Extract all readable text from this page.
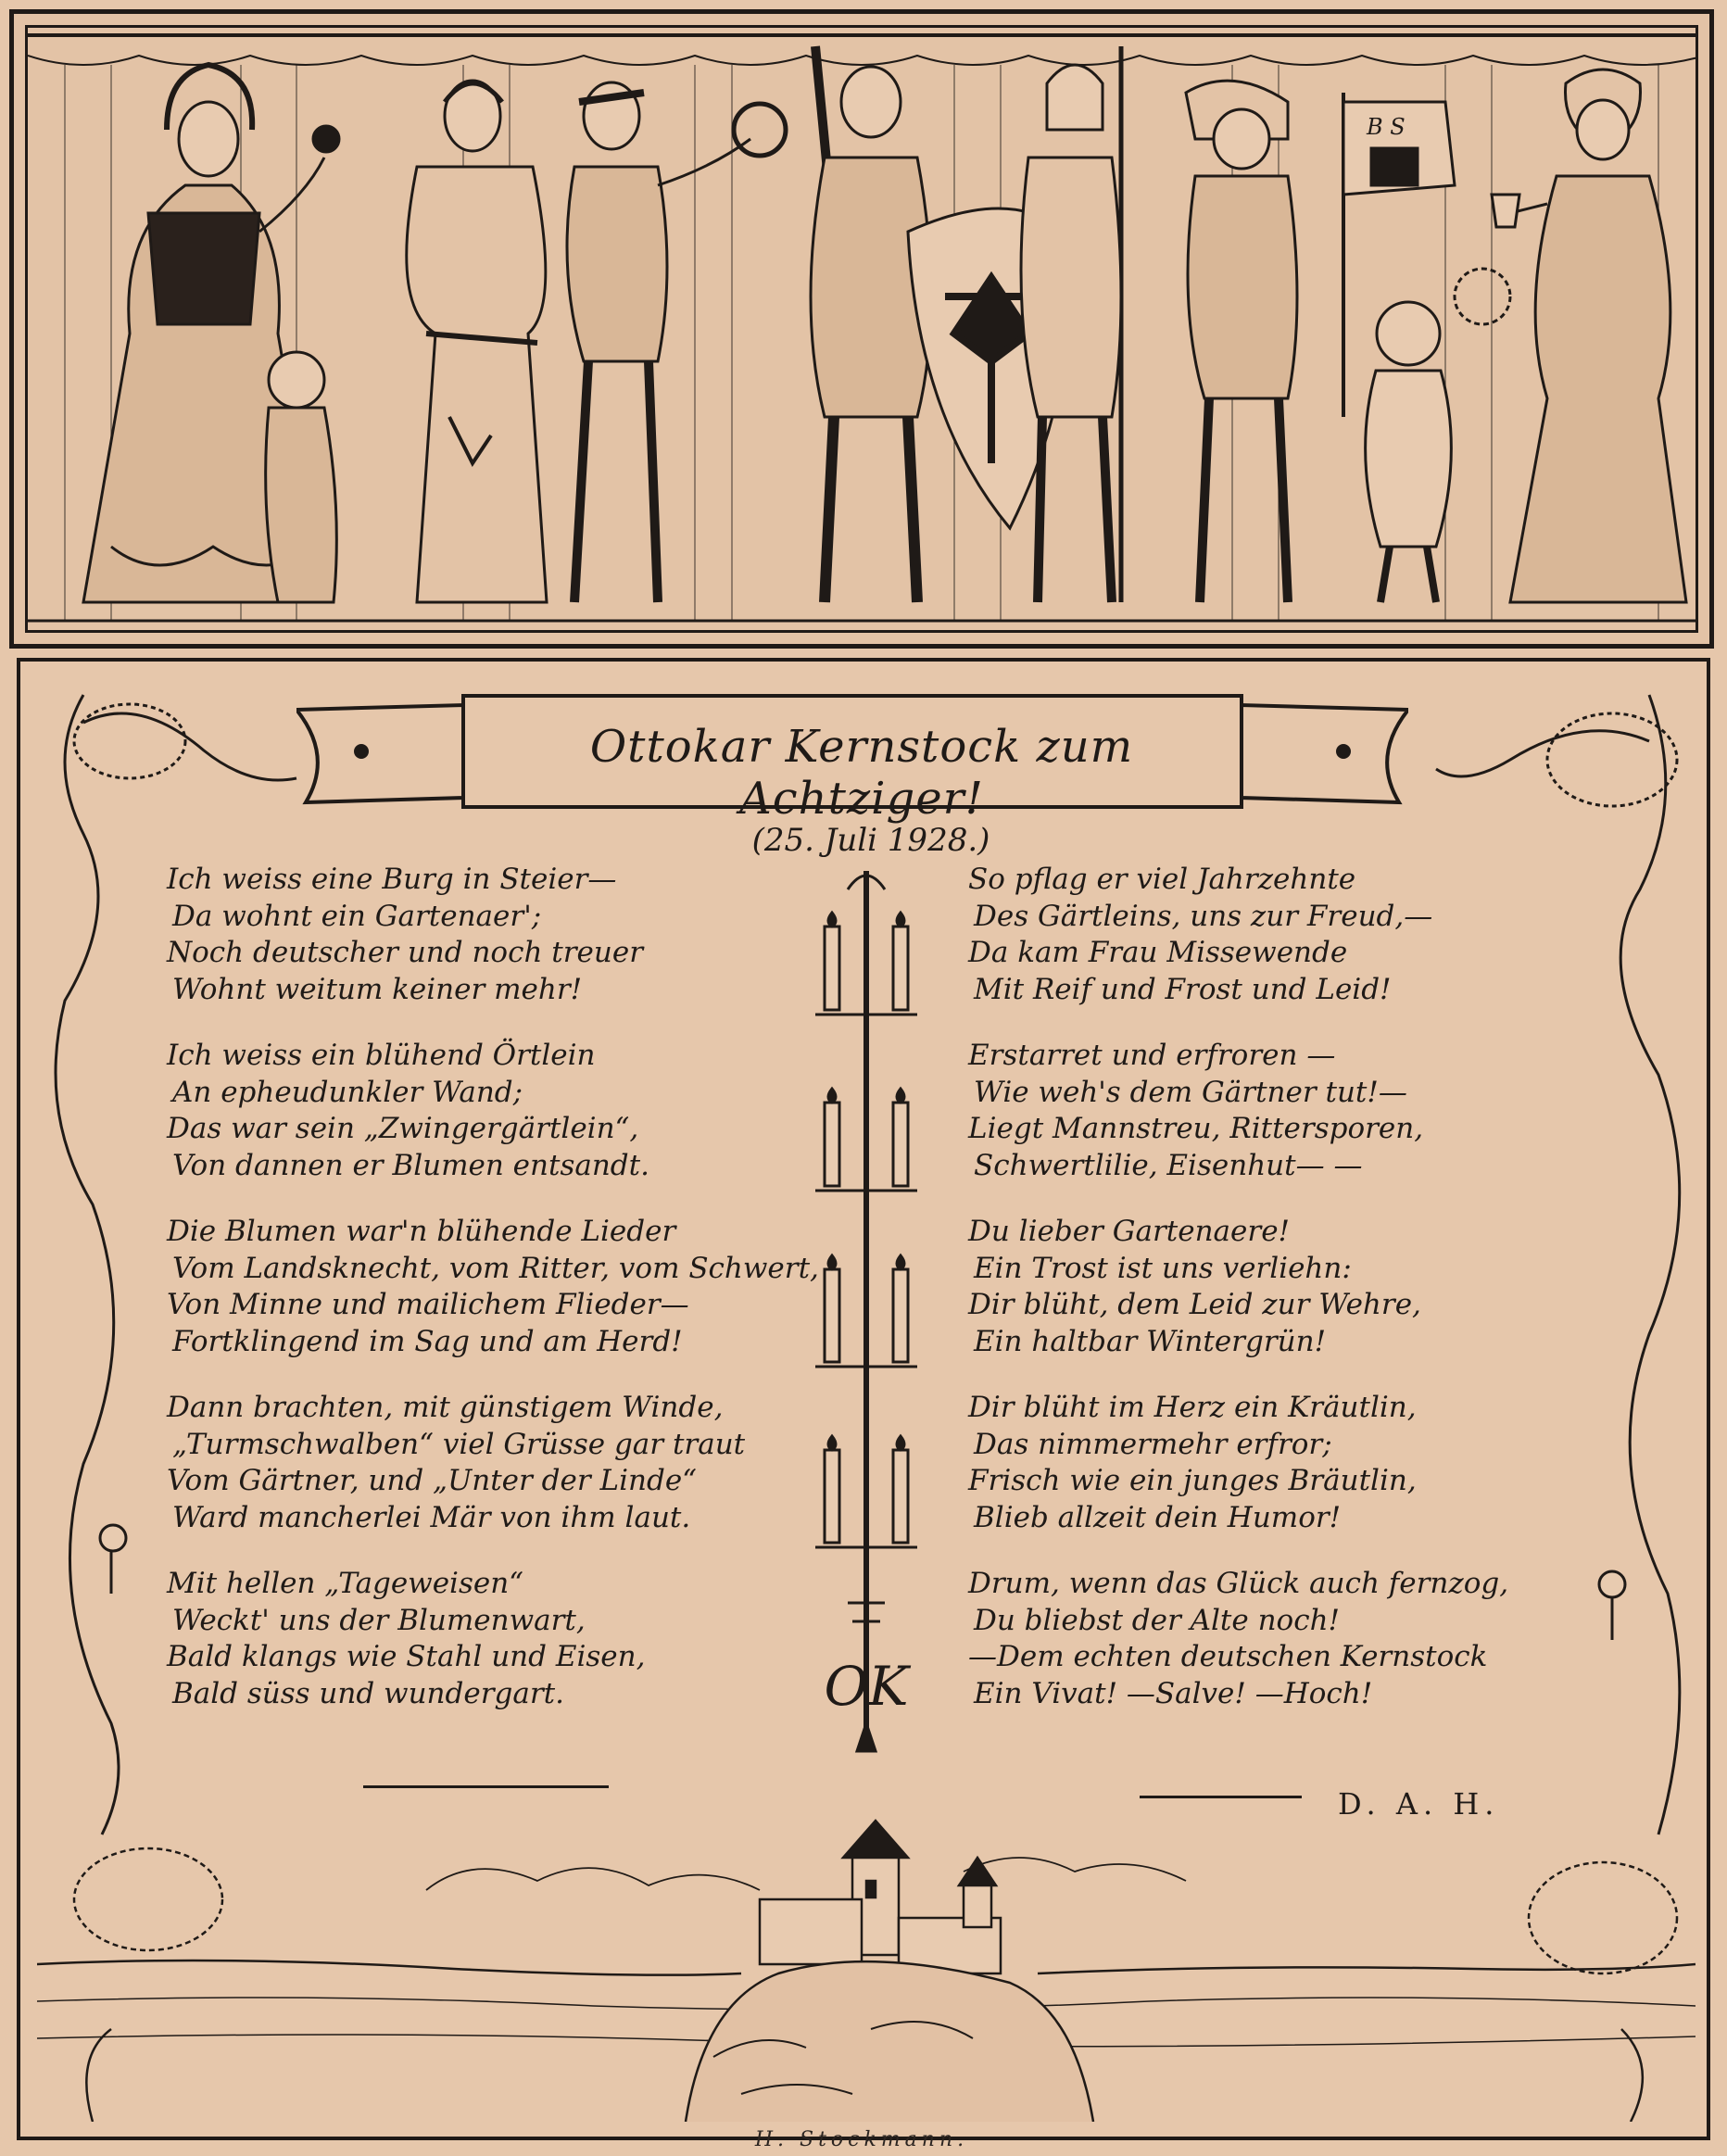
B S
Ottokar Kernstock zum Achtziger!
(25. Juli 1928.)
Ich weiss eine Burg in Steier—
Da wohnt ein Gartenaer';
Noch deutscher und noch treuer
Wohnt weitum keiner mehr!
Ich weiss ein blühend Örtlein
An epheudunkler Wand;
Das war sein „Zwingergärtlein“,
Von dannen er Blumen entsandt.
Die Blumen war'n blühende Lieder
Vom Landsknecht, vom Ritter, vom Schwert,
Von Minne und mailichem Flieder—
Fortklingend im Sag und am Herd!
Dann brachten, mit günstigem Winde,
„Turmschwalben“ viel Grüsse gar traut
Vom Gärtner, und „Unter der Linde“
Ward mancherlei Mär von ihm laut.
Mit hellen „Tageweisen“
Weckt' uns der Blumenwart,
Bald klangs wie Stahl und Eisen,
Bald süss und wundergart.	OK
So pflag er viel Jahrzehnte
Des Gärtleins, uns zur Freud,—
Da kam Frau Missewende
Mit Reif und Frost und Leid!
Erstarret und erfroren —
Wie weh's dem Gärtner tut!—
Liegt Mannstreu, Rittersporen,
Schwertlilie, Eisenhut— —
Du lieber Gartenaere!
Ein Trost ist uns verliehn:
Dir blüht, dem Leid zur Wehre,
Ein haltbar Wintergrün!
Dir blüht im Herz ein Kräutlin,
Das nimmermehr erfror;
Frisch wie ein junges Bräutlin,
Blieb allzeit dein Humor!
Drum, wenn das Glück auch fernzog,
Du bliebst der Alte noch!
—Dem echten deutschen Kernstock
Ein Vivat! —Salve! —Hoch!
D. A. H.
H. Stockmann.
